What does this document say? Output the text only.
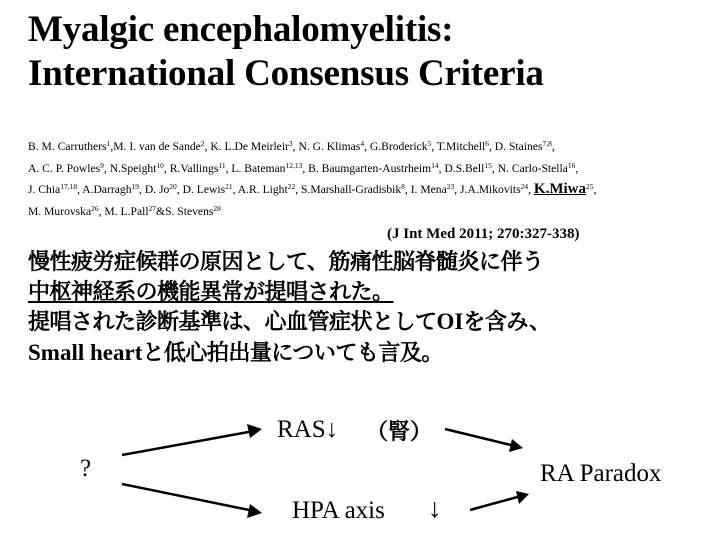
Myalgic encephalomyelitis:
International Consensus Criteria
B. M. Carruthers$^1$,M. I. van de Sande$^2$, K. L.De Meirleir$^3$, N. G. Klimas$^4$, G.Broderick$^5$, T.Mitchell$^6$, D. Staines$^{7,8}$,
A. C. P. Powles$^9$, N.Speight$^{10}$, R.Vallings$^{11}$, L. Bateman$^{12,13}$, B. Baumgarten-Austrheim$^{14}$, D.S.Bell$^{15}$, N. Carlo-Stella$^{16}$,
J. Chia$^{17,18}$, A.Darragh$^{19}$, D. Jo$^{20}$, D. Lewis$^{21}$, A.R. Light$^{22}$, S.Marshall-Gradisbik$^8$, I. Mena$^{23}$, J.A.Mikovits$^{24}$, K.Miwa$^{25}$,
M. Murovska$^{26}$, M. L.Pall$^{27}$&S. Stevens$^{28}$
(J Int Med 2011; 270:327-338)
慢性疲労症候群の原因として、筋痛性脳脊髄炎に伴う
中枢神経系の機能異常が提唱された。
提唱された診断基準は、心血管症状としてOIを含み、
Small heartと低心拍出量についても言及。
?
RAS↓ （腎）
RA Paradox
HPA axis ↓
